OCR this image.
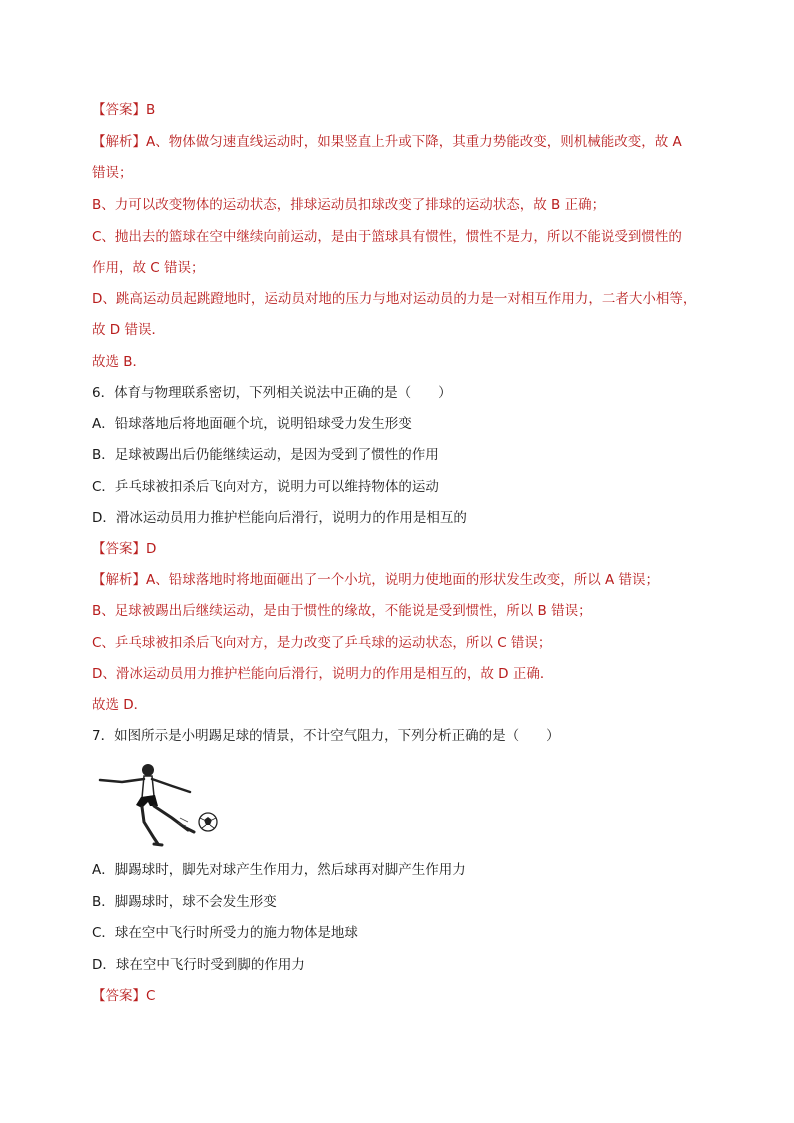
【答案】B
【解析】A、物体做匀速直线运动时，如果竖直上升或下降，其重力势能改变，则机械能改变，故 A
错误；
B、力可以改变物体的运动状态，排球运动员扣球改变了排球的运动状态，故 B 正确；
C、抛出去的篮球在空中继续向前运动，是由于篮球具有惯性，惯性不是力，所以不能说受到惯性的
作用，故 C 错误；
D、跳高运动员起跳蹬地时，运动员对地的压力与地对运动员的力是一对相互作用力，二者大小相等，
故 D 错误．
故选 B．
6．体育与物理联系密切，下列相关说法中正确的是（　　）
A．铅球落地后将地面砸个坑，说明铅球受力发生形变
B．足球被踢出后仍能继续运动，是因为受到了惯性的作用
C．乒乓球被扣杀后飞向对方，说明力可以维持物体的运动
D．滑冰运动员用力推护栏能向后滑行，说明力的作用是相互的
【答案】D
【解析】A、铅球落地时将地面砸出了一个小坑，说明力使地面的形状发生改变，所以 A 错误；
B、足球被踢出后继续运动，是由于惯性的缘故，不能说是受到惯性，所以 B 错误；
C、乒乓球被扣杀后飞向对方，是力改变了乒乓球的运动状态，所以 C 错误；
D、滑冰运动员用力推护栏能向后滑行，说明力的作用是相互的，故 D 正确．
故选 D．
7．如图所示是小明踢足球的情景，不计空气阻力，下列分析正确的是（　　）
A．脚踢球时，脚先对球产生作用力，然后球再对脚产生作用力
B．脚踢球时，球不会发生形变
C．球在空中飞行时所受力的施力物体是地球
D．球在空中飞行时受到脚的作用力
【答案】C
